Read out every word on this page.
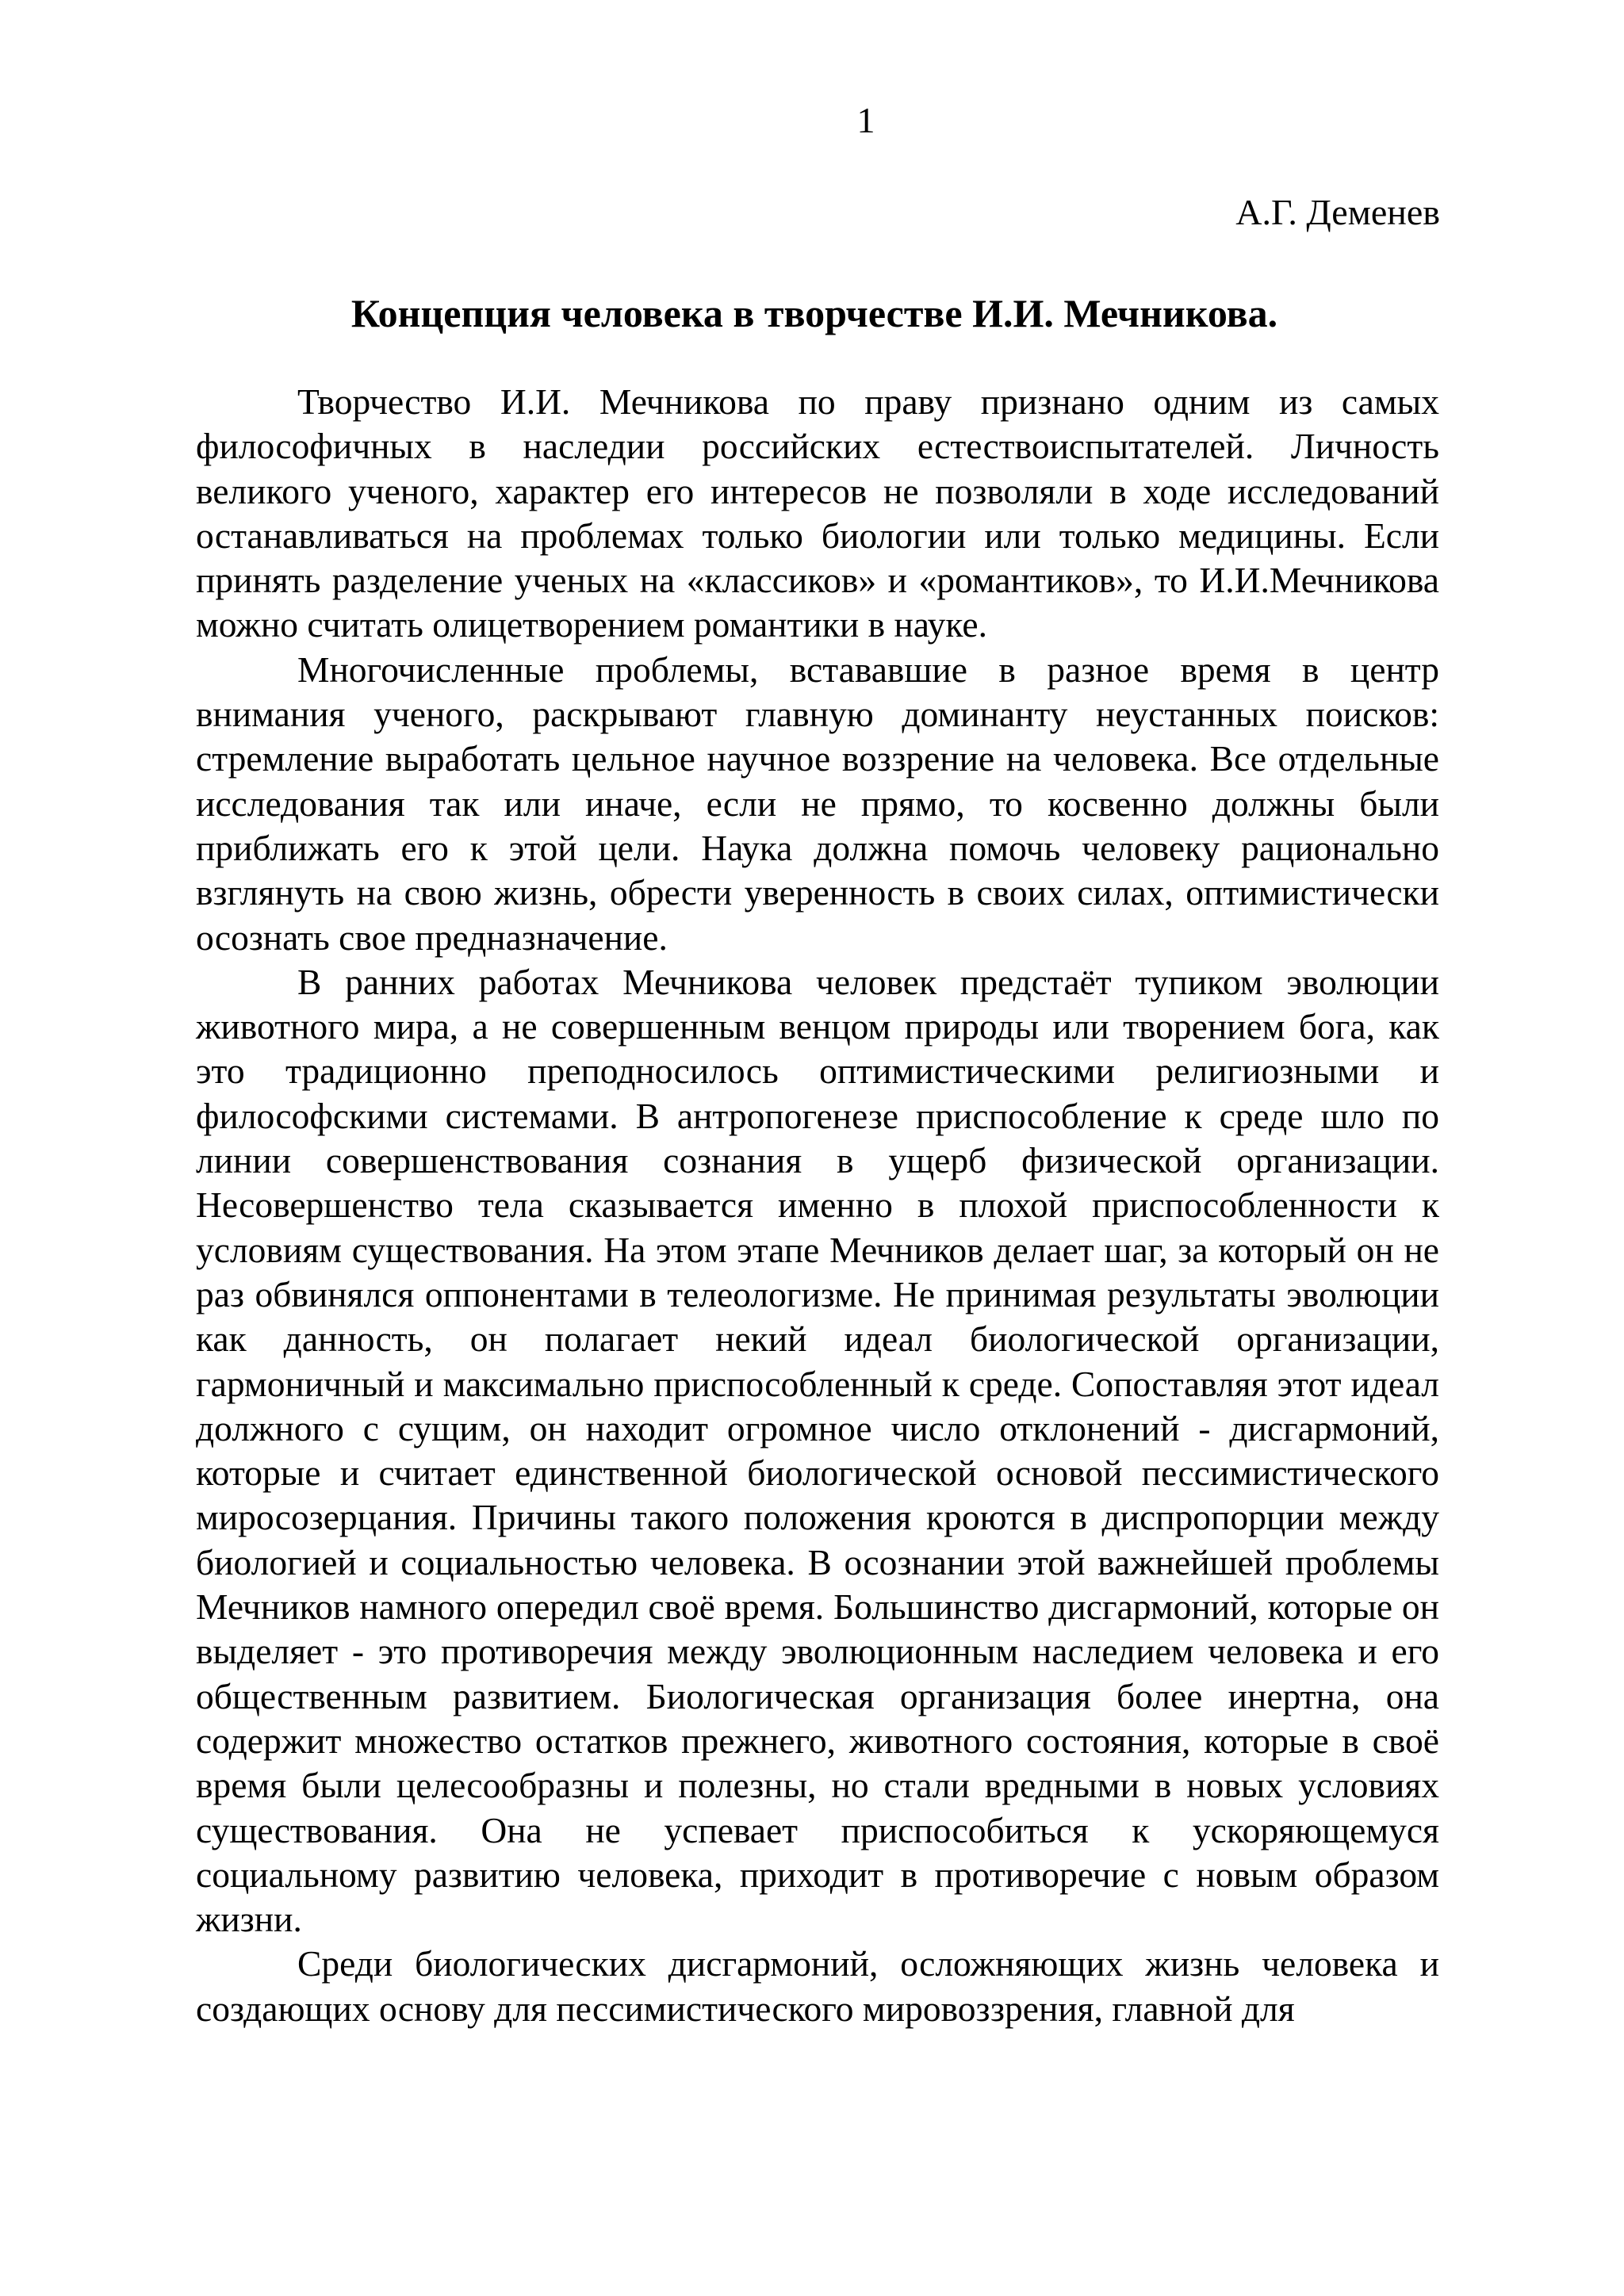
1
А.Г. Деменев
Концепция человека в творчестве И.И. Мечникова.

Творчество И.И. Мечникова по праву признано одним из самых философичных в наследии российских естествоиспытателей. Личность великого ученого, характер его интересов не позволяли в ходе исследований останавливаться на проблемах только биологии или только медицины. Если принять разделение ученых на «классиков» и «романтиков», то И.И.Мечникова можно считать олицетворением романтики в науке.

Многочисленные проблемы, встававшие в разное время в центр внимания ученого, раскрывают главную доминанту неустанных поисков: стремление выработать цельное научное воззрение на человека. Все отдельные исследования так или иначе, если не прямо, то косвенно должны были приближать его к этой цели. Наука должна помочь человеку рационально взглянуть на свою жизнь, обрести уверенность в своих силах, оптимистически осознать свое предназначение.

В ранних работах Мечникова человек предстаёт тупиком эволюции животного мира, а не совершенным венцом природы или творением бога, как это традиционно преподносилось оптимистическими религиозными и философскими системами. В антропогенезе приспособление к среде шло по линии совершенствования сознания в ущерб физической организации. Несовершенство тела сказывается именно в плохой приспособленности к условиям существования. На этом этапе Мечников делает шаг, за который он не раз обвинялся оппонентами в телеологизме. Не принимая результаты эволюции как данность, он полагает некий идеал биологической организации, гармоничный и максимально приспособленный к среде. Сопоставляя этот идеал должного с сущим, он находит огромное число отклонений - дисгармоний, которые и считает единственной биологической основой пессимистического миросозерцания. Причины такого положения кроются в диспропорции между биологией и социальностью человека. В осознании этой важнейшей проблемы Мечников намного опередил своё время. Большинство дисгармоний, которые он выделяет - это противоречия между эволюционным наследием человека и его общественным развитием. Биологическая организация более инертна, она содержит множество остатков прежнего, животного состояния, которые в своё время были целесообразны и полезны, но стали вредными в новых условиях существования. Она не успевает приспособиться к ускоряющемуся социальному развитию человека, приходит в противоречие с новым образом жизни.

Среди биологических дисгармоний, осложняющих жизнь человека и создающих основу для пессимистического мировоззрения, главной для
